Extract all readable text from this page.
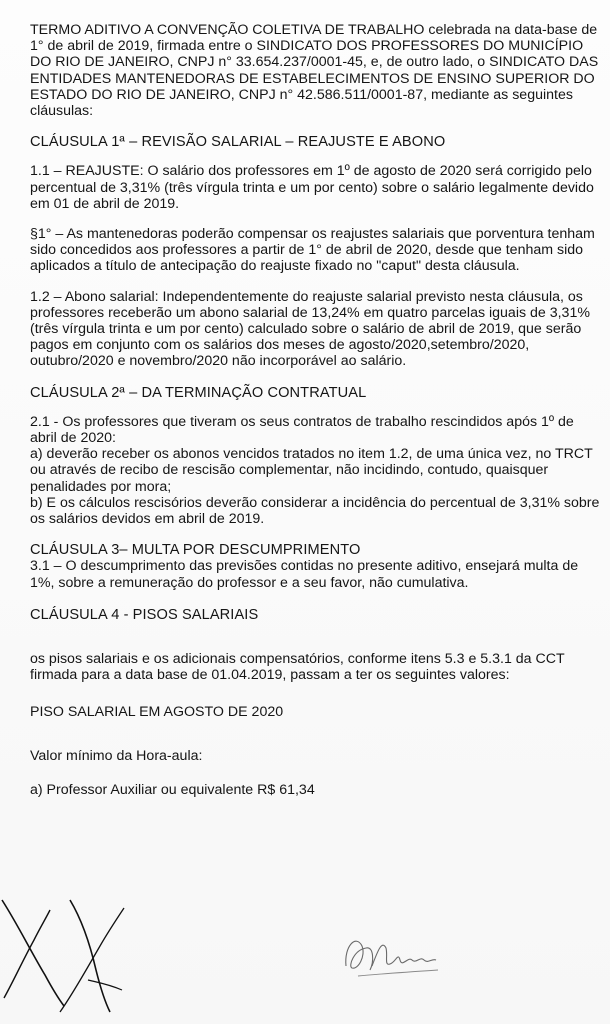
TERMO ADITIVO A CONVENÇÃO COLETIVA DE TRABALHO celebrada na data-base de 1° de abril de 2019, firmada entre o SINDICATO DOS PROFESSORES DO MUNICÍPIO DO RIO DE JANEIRO, CNPJ n° 33.654.237/0001-45, e, de outro lado, o SINDICATO DAS ENTIDADES MANTENEDORAS DE ESTABELECIMENTOS DE ENSINO SUPERIOR DO ESTADO DO RIO DE JANEIRO, CNPJ n° 42.586.511/0001-87, mediante as seguintes cláusulas:

CLÁUSULA 1ª – REVISÃO SALARIAL – REAJUSTE E ABONO

1.1 – REAJUSTE: O salário dos professores em 1º de agosto de 2020 será corrigido pelo percentual de 3,31% (três vírgula trinta e um por cento) sobre o salário legalmente devido em 01 de abril de 2019.

§1° – As mantenedoras poderão compensar os reajustes salariais que porventura tenham sido concedidos aos professores a partir de 1° de abril de 2020, desde que tenham sido aplicados a título de antecipação do reajuste fixado no "caput" desta cláusula.

1.2 – Abono salarial: Independentemente do reajuste salarial previsto nesta cláusula, os professores receberão um abono salarial de 13,24% em quatro parcelas iguais de 3,31% (três vírgula trinta e um por cento) calculado sobre o salário de abril de 2019, que serão pagos em conjunto com os salários dos meses de agosto/2020,setembro/2020, outubro/2020 e novembro/2020 não incorporável ao salário.

CLÁUSULA 2ª – DA TERMINAÇÃO CONTRATUAL

2.1 - Os professores que tiveram os seus contratos de trabalho rescindidos após 1º de abril de 2020:

a) deverão receber os abonos vencidos tratados no item 1.2, de uma única vez, no TRCT ou através de recibo de rescisão complementar, não incidindo, contudo, quaisquer penalidades por mora;

b) E os cálculos rescisórios deverão considerar a incidência do percentual de 3,31% sobre os salários devidos em abril de 2019.

CLÁUSULA 3– MULTA POR DESCUMPRIMENTO

3.1 – O descumprimento das previsões contidas no presente aditivo, ensejará multa de 1%, sobre a remuneração do professor e a seu favor, não cumulativa.

CLÁUSULA 4 - PISOS SALARIAIS

os pisos salariais e os adicionais compensatórios, conforme itens 5.3 e 5.3.1 da CCT firmada para a data base de 01.04.2019, passam a ter os seguintes valores:

PISO SALARIAL EM AGOSTO DE 2020

Valor mínimo da Hora-aula:

a) Professor Auxiliar ou equivalente R$ 61,34
